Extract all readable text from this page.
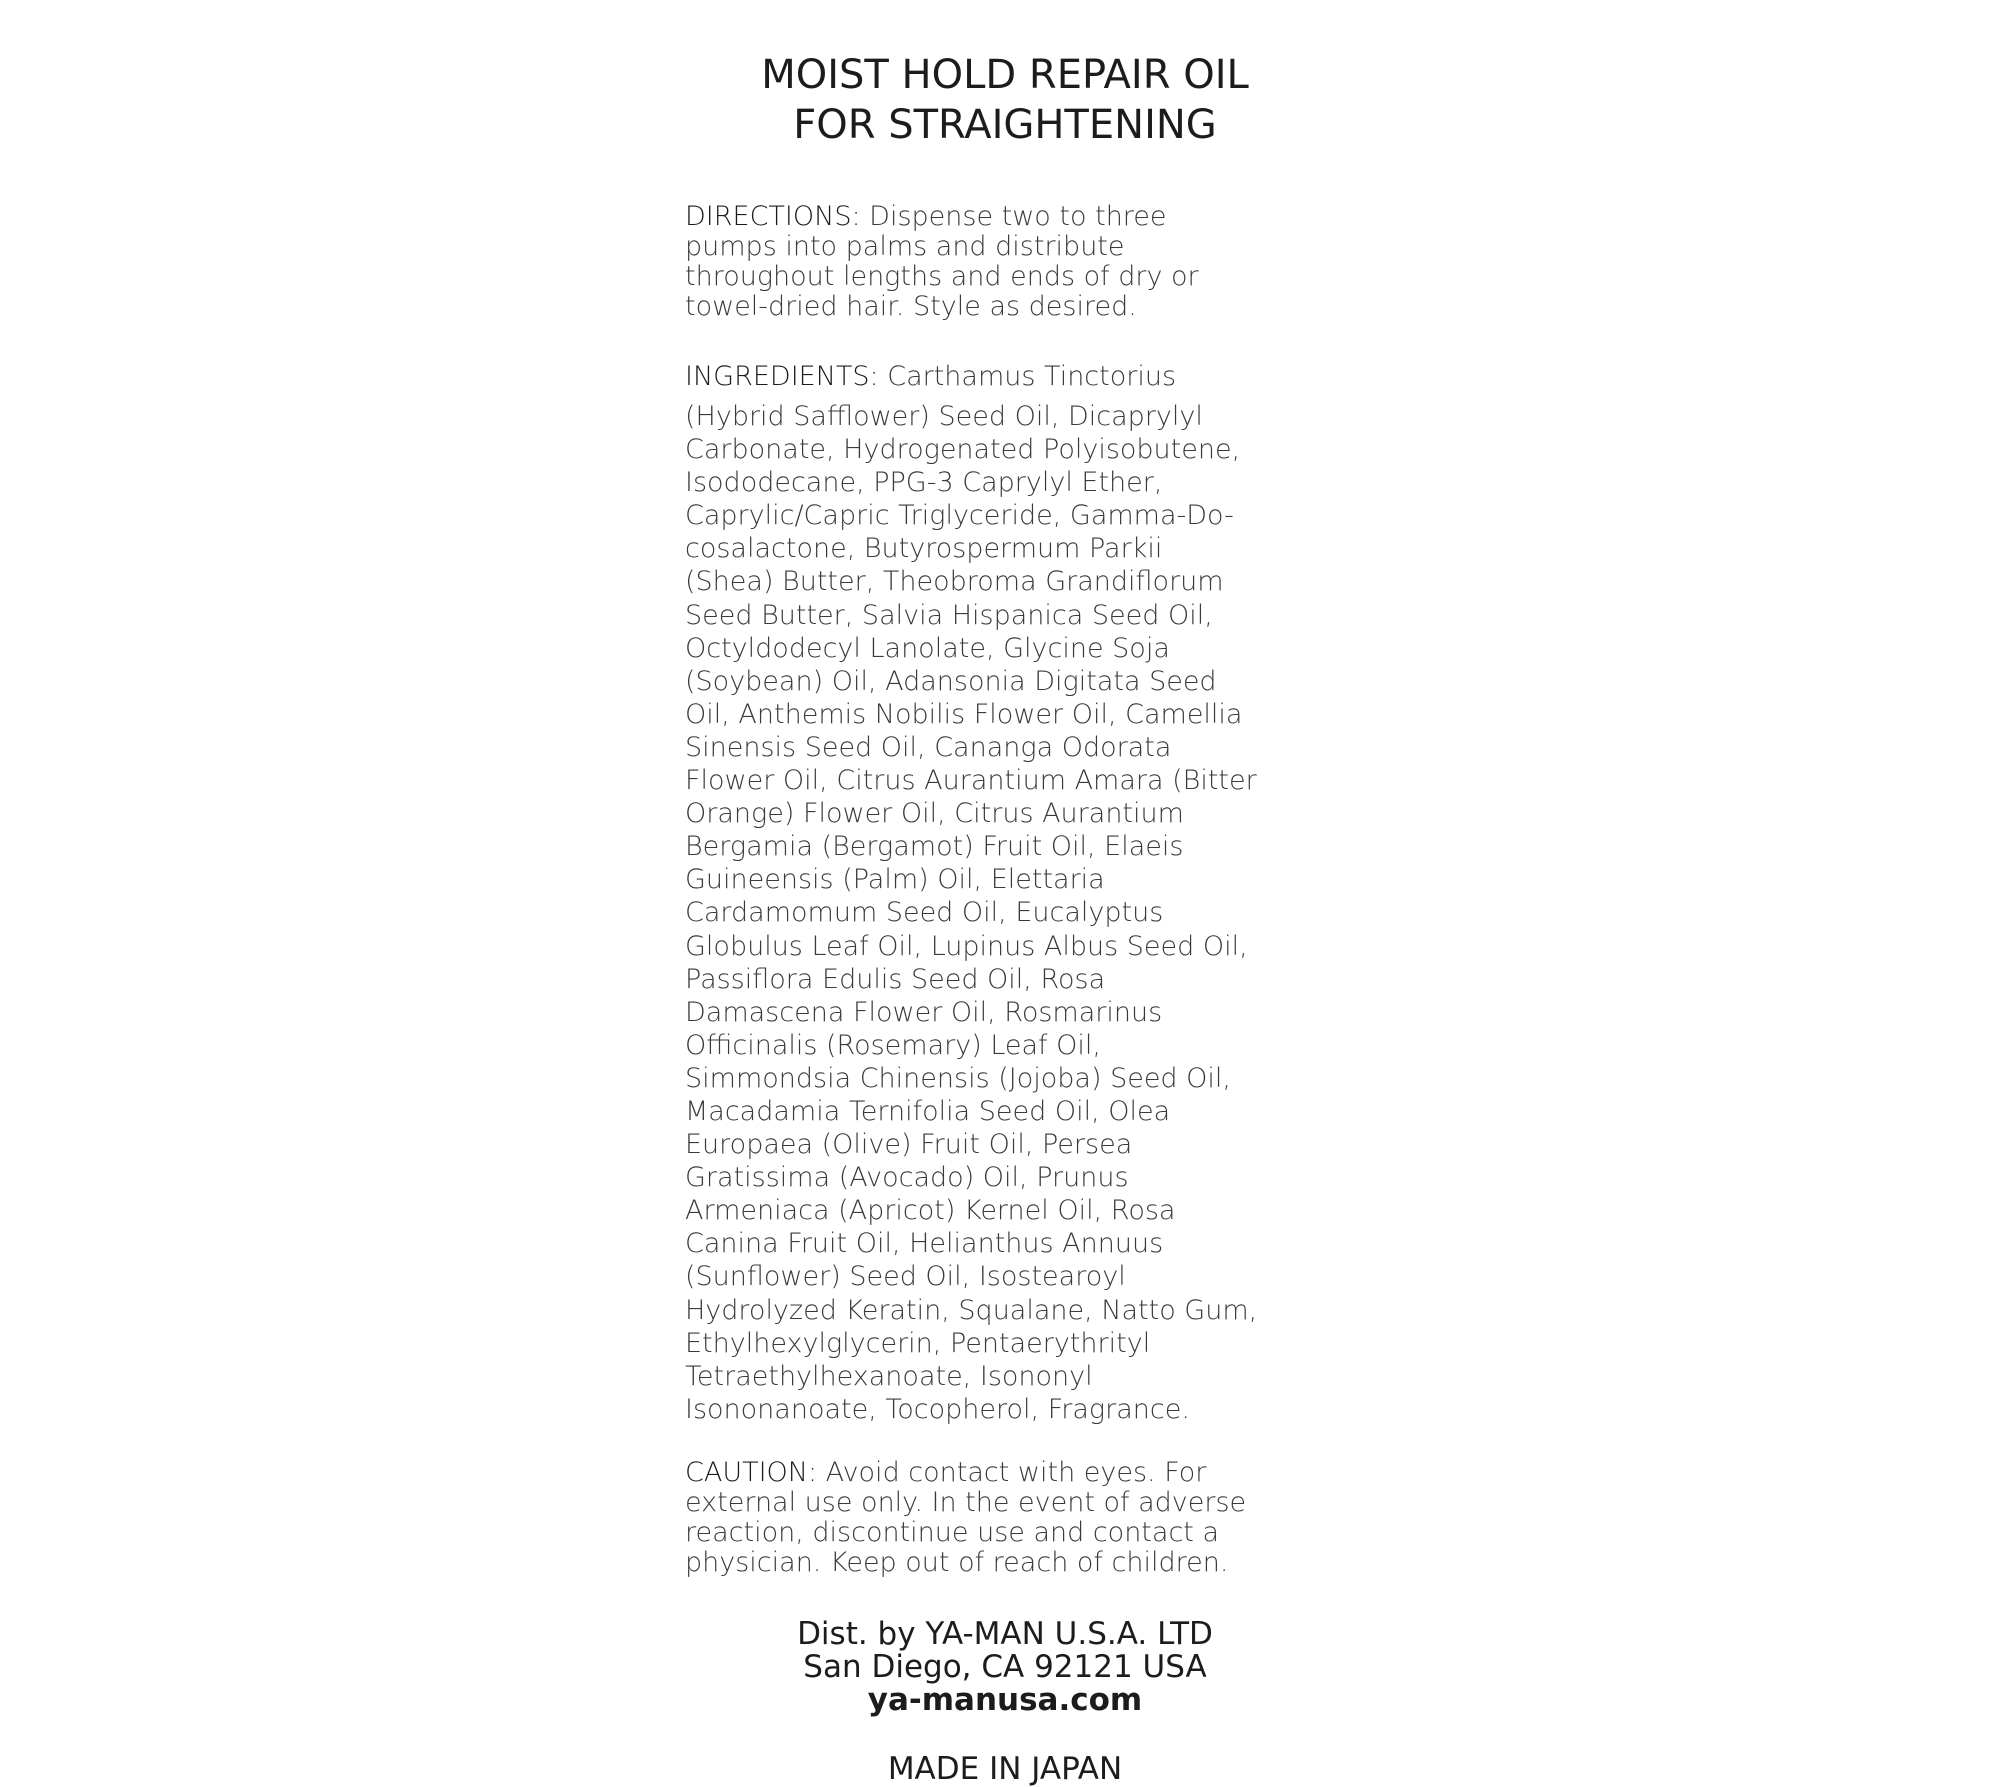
MOIST HOLD REPAIR OIL
FOR STRAIGHTENING

DIRECTIONS: Dispense two to three
pumps into palms and distribute
throughout lengths and ends of dry or
towel-dried hair. Style as desired.

INGREDIENTS: Carthamus Tinctorius

(Hybrid Safflower) Seed Oil, Dicaprylyl
Carbonate, Hydrogenated Polyisobutene,
Isododecane, PPG-3 Caprylyl Ether,
Caprylic/Capric Triglyceride, Gamma-Do-
cosalactone, Butyrospermum Parkii
(Shea) Butter, Theobroma Grandiflorum
Seed Butter, Salvia Hispanica Seed Oil,
Octyldodecyl Lanolate, Glycine Soja
(Soybean) Oil, Adansonia Digitata Seed
Oil, Anthemis Nobilis Flower Oil, Camellia
Sinensis Seed Oil, Cananga Odorata
Flower Oil, Citrus Aurantium Amara (Bitter
Orange) Flower Oil, Citrus Aurantium
Bergamia (Bergamot) Fruit Oil, Elaeis
Guineensis (Palm) Oil, Elettaria
Cardamomum Seed Oil, Eucalyptus
Globulus Leaf Oil, Lupinus Albus Seed Oil,
Passiflora Edulis Seed Oil, Rosa
Damascena Flower Oil, Rosmarinus
Officinalis (Rosemary) Leaf Oil,
Simmondsia Chinensis (Jojoba) Seed Oil,
Macadamia Ternifolia Seed Oil, Olea
Europaea (Olive) Fruit Oil, Persea
Gratissima (Avocado) Oil, Prunus
Armeniaca (Apricot) Kernel Oil, Rosa
Canina Fruit Oil, Helianthus Annuus
(Sunflower) Seed Oil, Isostearoyl
Hydrolyzed Keratin, Squalane, Natto Gum,
Ethylhexylglycerin, Pentaerythrityl
Tetraethylhexanoate, Isononyl
Isononanoate, Tocopherol, Fragrance.

CAUTION: Avoid contact with eyes. For
external use only. In the event of adverse
reaction, discontinue use and contact a
physician. Keep out of reach of children.

Dist. by YA-MAN U.S.A. LTD
San Diego, CA 92121 USA
ya-manusa.com
MADE IN JAPAN
